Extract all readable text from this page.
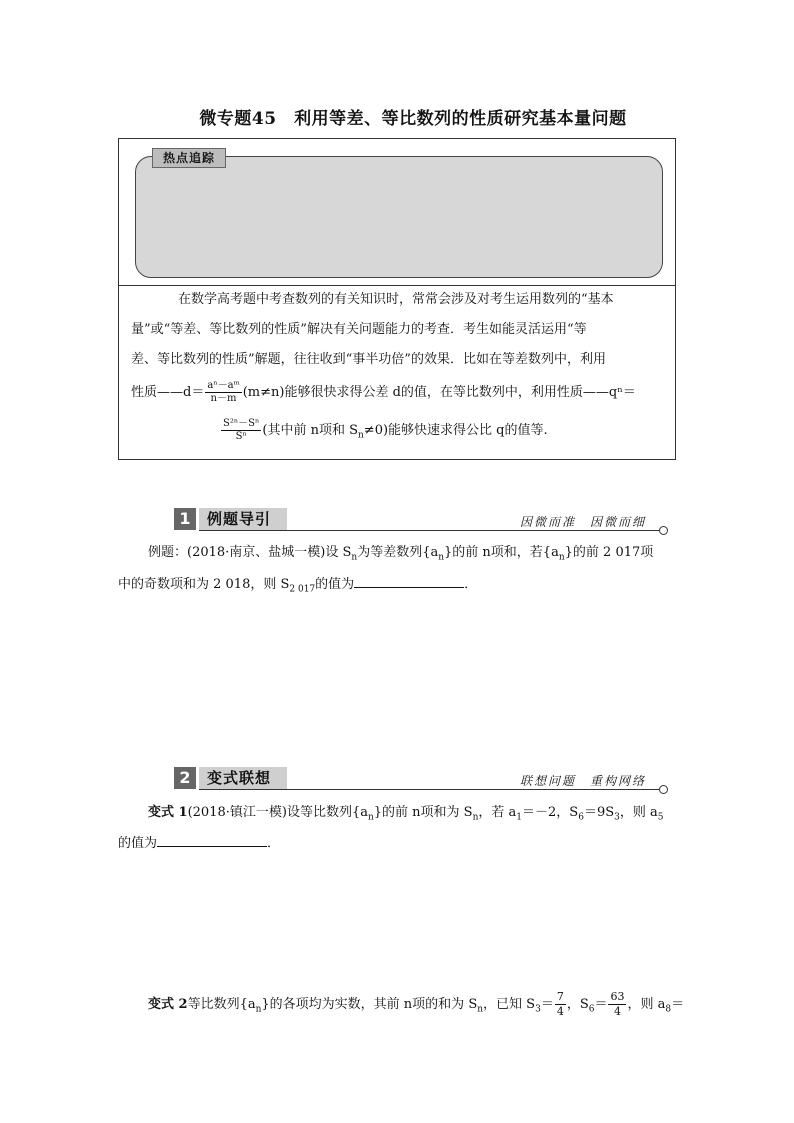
微专题45　利用等差、等比数列的性质研究基本量问题
热点追踪
在数学高考题中考查数列的有关知识时，常常会涉及对考生运用数列的“基本
量”或“等差、等比数列的性质”解决有关问题能力的考查．考生如能灵活运用“等
差、等比数列的性质”解题，往往收到“事半功倍”的效果．比如在等差数列中，利用
性质——d＝ $\frac{\text{aⁿ－aᵐ}}{n-m} (m\ne n)$能够很快求得公差 d的值，在等比数列中，利用性质——qⁿ＝
$\frac{\text{S²ⁿ－Sⁿ}}{\text{Sⁿ}}$ (其中前 n项和 $S_n\ne 0$)能够快速求得公比 q的值等.
1	例题导引	因微而准　因微而细
例题：(2018·南京、盐城一模)设 $S_n$为等差数列$\{a_n\}$的前 n项和，若$\{a_n\}$的前 2 017项
中的奇数项和为 2 018，则 $S_{2 017}$的值为	．
2	变式联想	联想问题　重构网络
变式 1(2018·镇江一模)设等比数列$\{a_n\}$的前 n项和为 $S_n$，若 $a_1=-2$，$S_6=9S_3$，则 $a_5$
的值为	．
变式 2等比数列$\{a_n\}$的各项均为实数，其前 n项的和为 $S_n$，已知 $S_3= \frac{7}{4}$ ，$S_6= \frac{63}{4}$ ，则 $a_8=$
